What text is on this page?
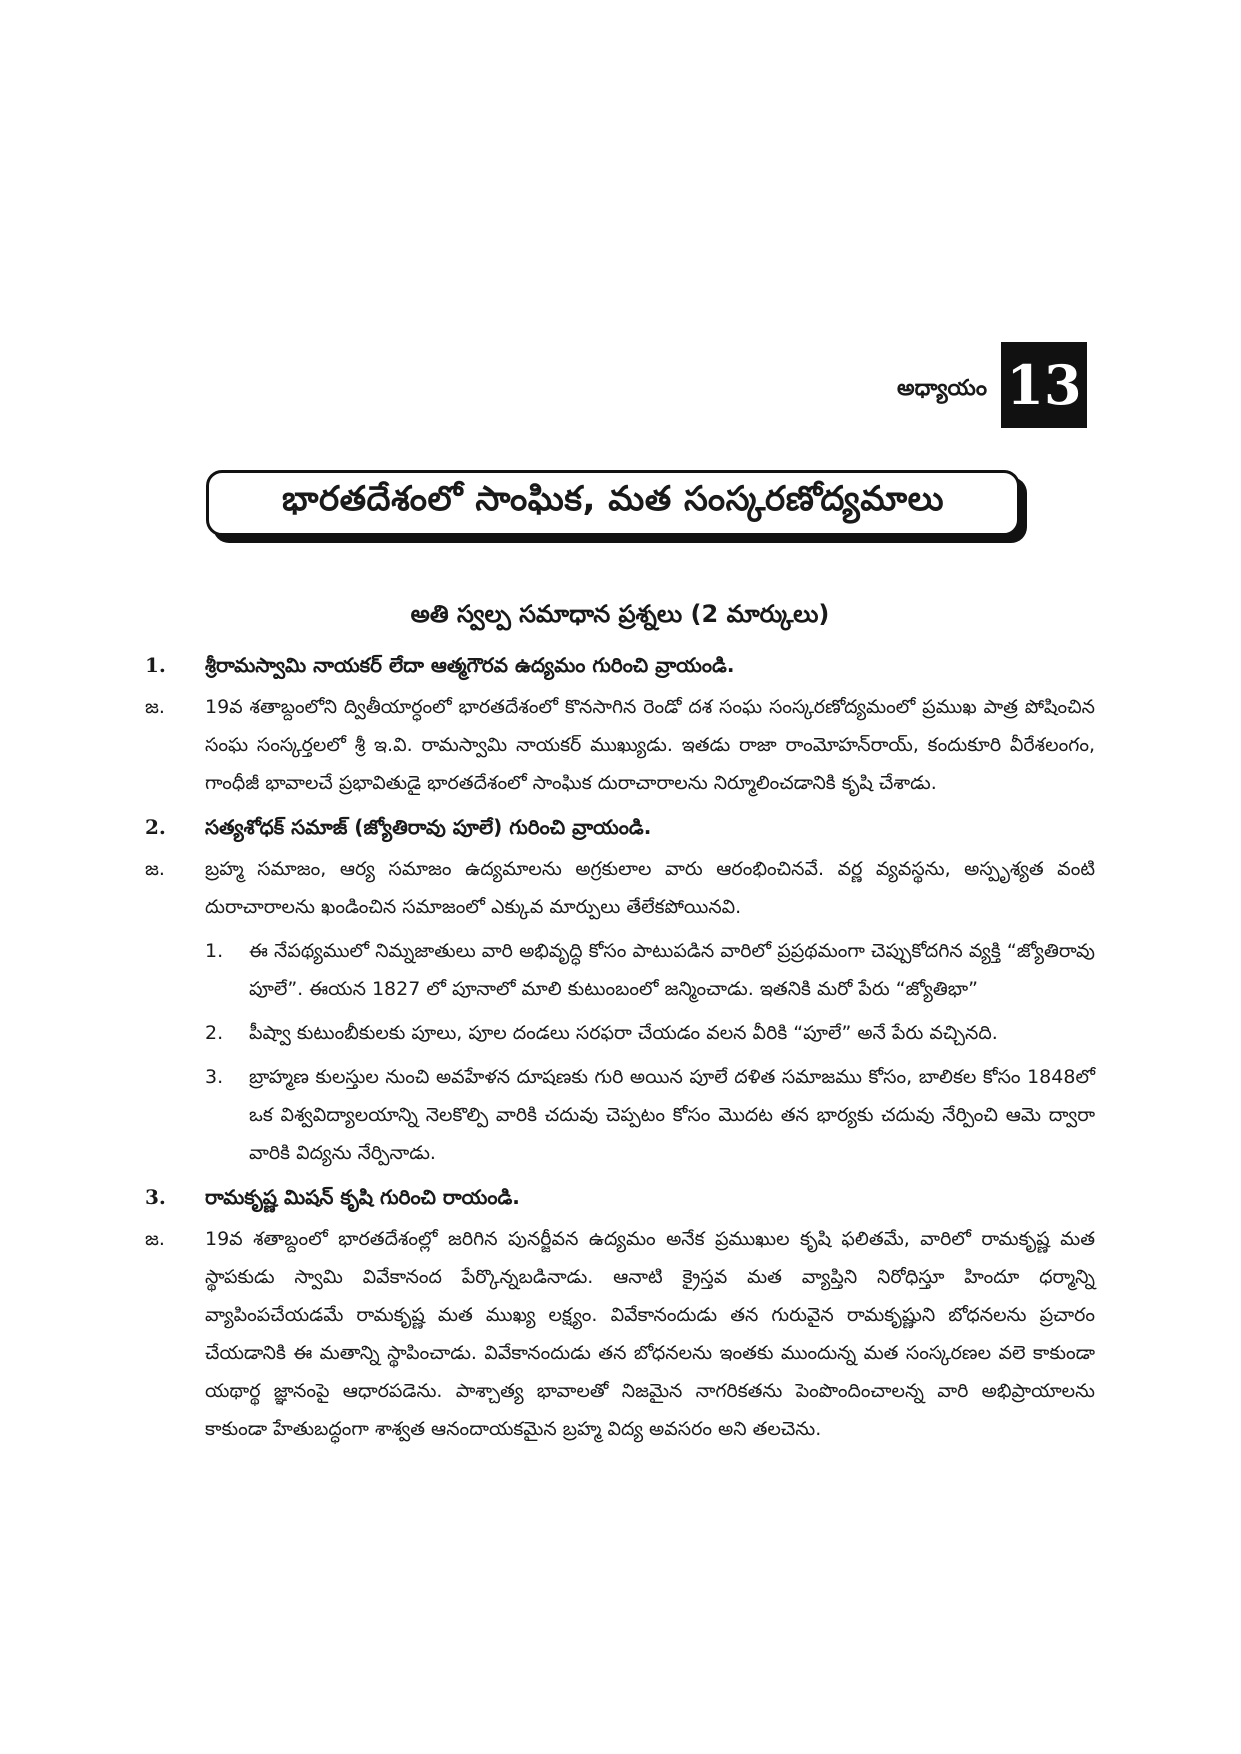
అధ్యాయం 13
భారతదేశంలో సాంఘిక, మత సంస్కరణోద్యమాలు
అతి స్వల్ప సమాధాన ప్రశ్నలు (2 మార్కులు)
1.	శ్రీరామస్వామి నాయకర్ లేదా ఆత్మగౌరవ ఉద్యమం గురించి వ్రాయండి.
జ.	19వ శతాబ్దంలోని ద్వితీయార్ధంలో భారతదేశంలో కొనసాగిన రెండో దశ సంఘ సంస్కరణోద్యమంలో ప్రముఖ పాత్ర పోషించిన సంఘ సంస్కర్తలలో శ్రీ ఇ.వి. రామస్వామి నాయకర్ ముఖ్యుడు. ఇతడు రాజా రాంమోహన్‌రాయ్, కందుకూరి వీరేశలంగం, గాంధీజీ భావాలచే ప్రభావితుడై భారతదేశంలో సాంఘిక దురాచారాలను నిర్మూలించడానికి కృషి చేశాడు.
2.	సత్యశోధక్ సమాజ్ (జ్యోతిరావు పూలే) గురించి వ్రాయండి.
జ.	బ్రహ్మ సమాజం, ఆర్య సమాజం ఉద్యమాలను అగ్రకులాల వారు ఆరంభించినవే. వర్ణ వ్యవస్థను, అస్పృశ్యత వంటి దురాచారాలను ఖండించిన సమాజంలో ఎక్కువ మార్పులు తేలేకపోయినవి.
1.	ఈ నేపథ్యములో నిమ్నజాతులు వారి అభివృద్ధి కోసం పాటుపడిన వారిలో ప్రప్రథమంగా చెప్పుకోదగిన వ్యక్తి “జ్యోతిరావు పూలే”. ఈయన 1827 లో పూనాలో మాలి కుటుంబంలో జన్మించాడు. ఇతనికి మరో పేరు “జ్యోతిభా”
2.	పీష్వా కుటుంబీకులకు పూలు, పూల దండలు సరఫరా చేయడం వలన వీరికి “పూలే” అనే పేరు వచ్చినది.
3.	బ్రాహ్మణ కులస్తుల నుంచి అవహేళన దూషణకు గురి అయిన పూలే దళిత సమాజము కోసం, బాలికల కోసం 1848లో ఒక విశ్వవిద్యాలయాన్ని నెలకొల్పి వారికి చదువు చెప్పటం కోసం మొదట తన భార్యకు చదువు నేర్పించి ఆమె ద్వారా వారికి విద్యను నేర్పినాడు.
3.	రామకృష్ణ మిషన్ కృషి గురించి రాయండి.
జ.	19వ శతాబ్దంలో భారతదేశంల్లో జరిగిన పునర్జీవన ఉద్యమం అనేక ప్రముఖుల కృషి ఫలితమే, వారిలో రామకృష్ణ మత స్థాపకుడు స్వామి వివేకానంద పేర్కొన్నబడినాడు. ఆనాటి క్రైస్తవ మత వ్యాప్తిని నిరోధిస్తూ హిందూ ధర్మాన్ని వ్యాపింపచేయడమే రామకృష్ణ మత ముఖ్య లక్ష్యం. వివేకానందుడు తన గురువైన రామకృష్ణుని బోధనలను ప్రచారం చేయడానికి ఈ మతాన్ని స్థాపించాడు. వివేకానందుడు తన బోధనలను ఇంతకు ముందున్న మత సంస్కరణల వలె కాకుండా యథార్థ జ్ఞానంపై ఆధారపడెను. పాశ్చాత్య భావాలతో నిజమైన నాగరికతను పెంపొందించాలన్న వారి అభిప్రాయాలను కాకుండా హేతుబద్ధంగా శాశ్వత ఆనందాయకమైన బ్రహ్మ విద్య అవసరం అని తలచెను.
